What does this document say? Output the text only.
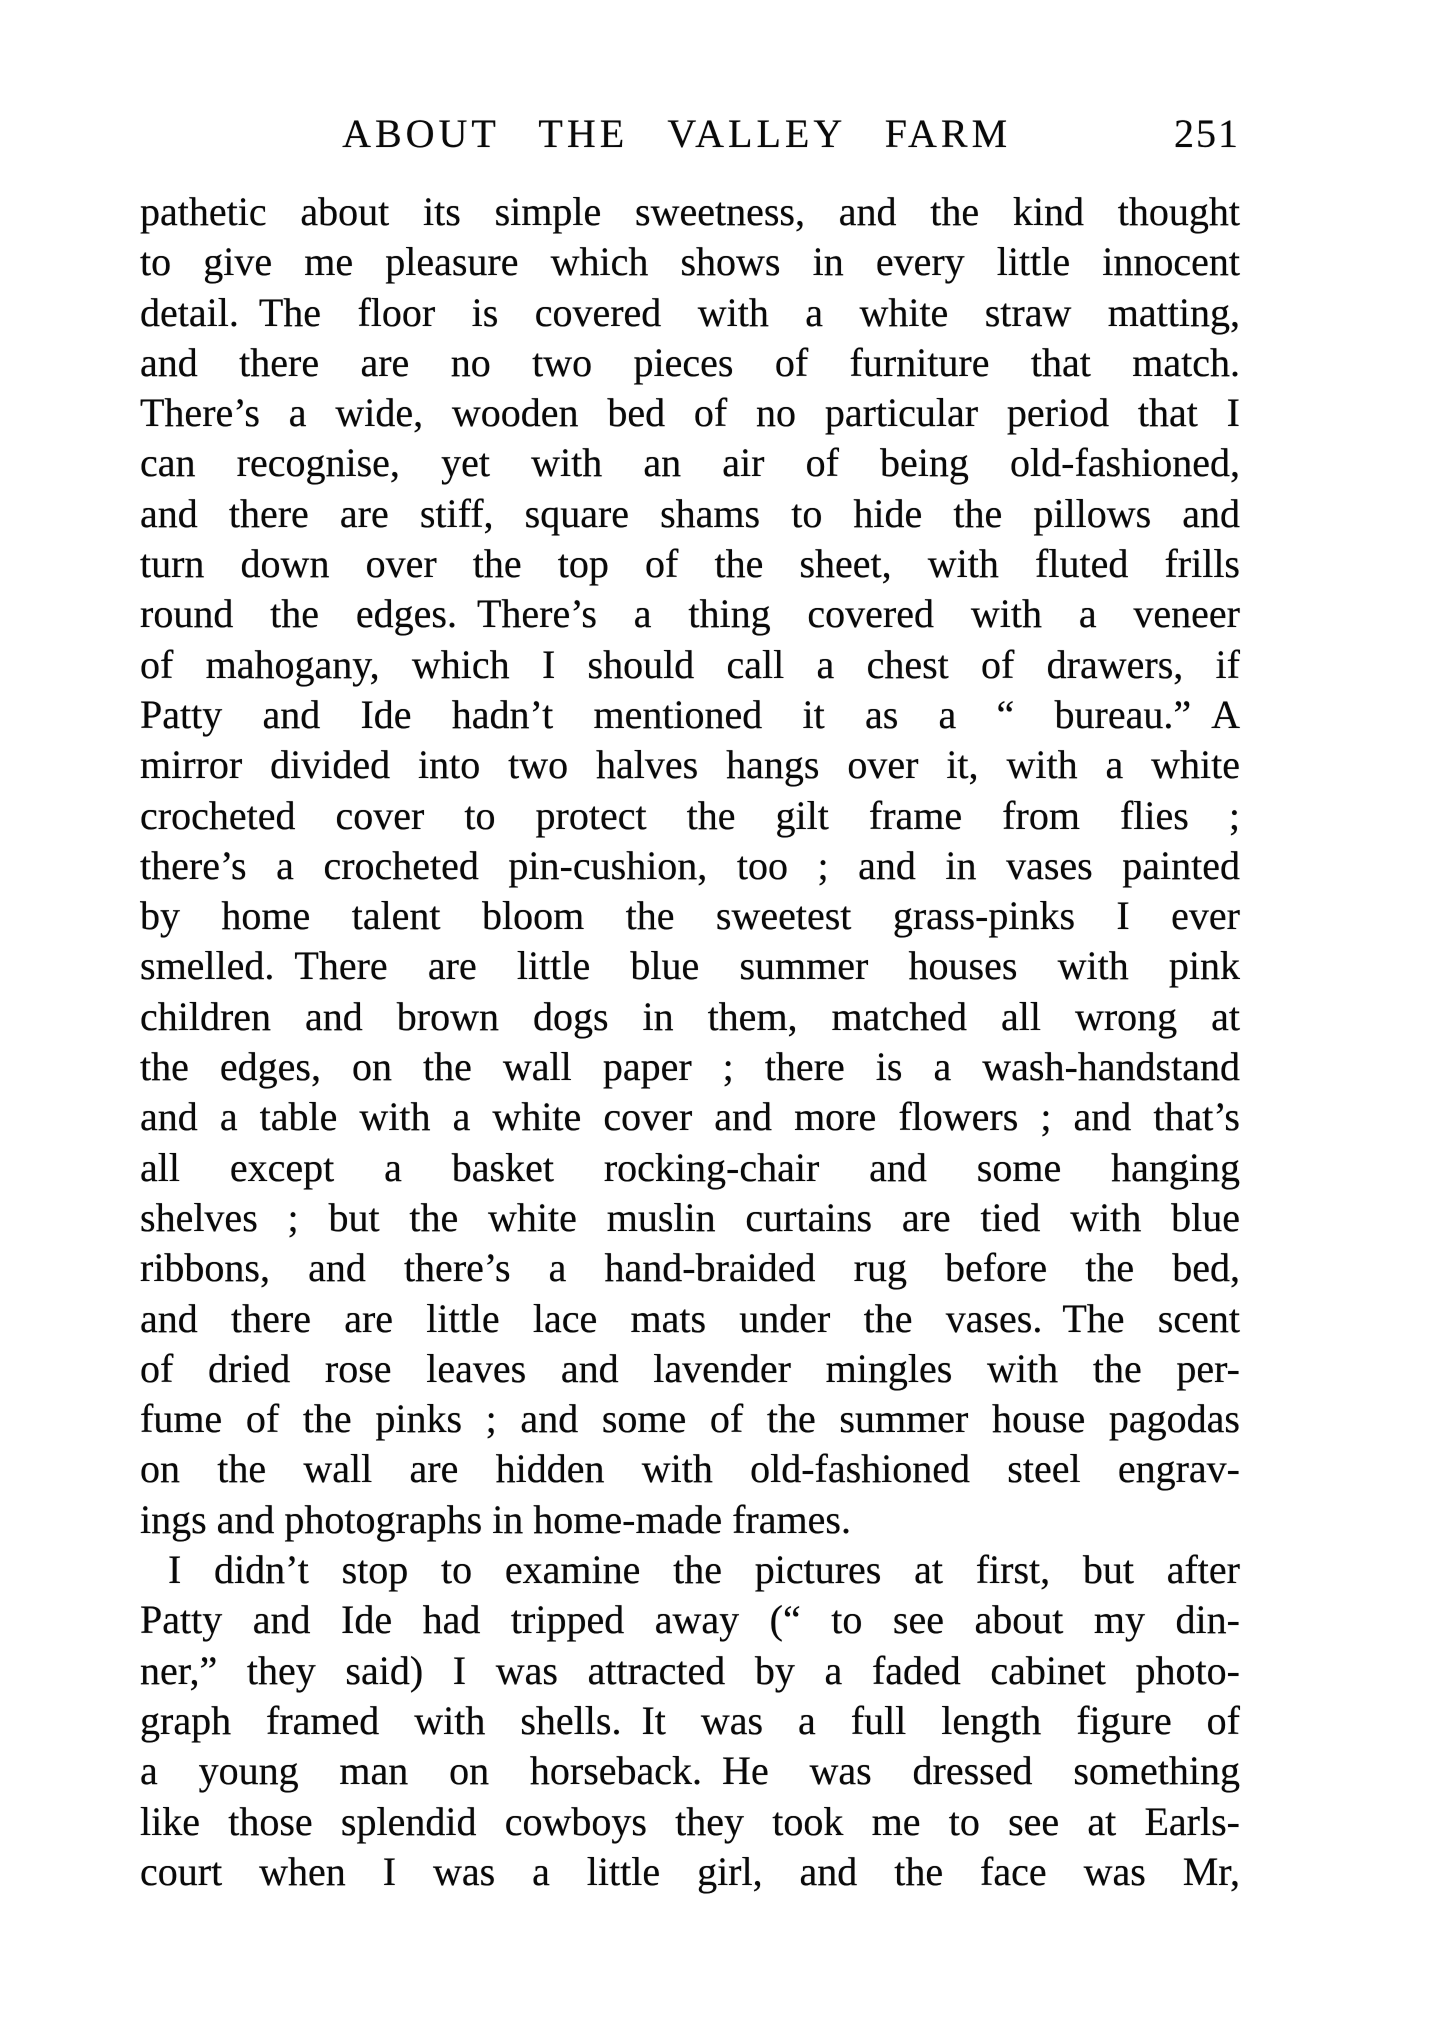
ABOUT THE VALLEY FARM	251
pathetic about its simple sweetness, and the kind thought
to give me pleasure which shows in every little innocent
detail. The floor is covered with a white straw matting,
and there are no two pieces of furniture that match.
There’s a wide, wooden bed of no particular period that I
can recognise, yet with an air of being old-fashioned,
and there are stiff, square shams to hide the pillows and
turn down over the top of the sheet, with fluted frills
round the edges. There’s a thing covered with a veneer
of mahogany, which I should call a chest of drawers, if
Patty and Ide hadn’t mentioned it as a “ bureau.” A
mirror divided into two halves hangs over it, with a white
crocheted cover to protect the gilt frame from flies ;
there’s a crocheted pin-cushion, too ; and in vases painted
by home talent bloom the sweetest grass-pinks I ever
smelled. There are little blue summer houses with pink
children and brown dogs in them, matched all wrong at
the edges, on the wall paper ; there is a wash-handstand
and a table with a white cover and more flowers ; and that’s
all except a basket rocking-chair and some hanging
shelves ; but the white muslin curtains are tied with blue
ribbons, and there’s a hand-braided rug before the bed,
and there are little lace mats under the vases. The scent
of dried rose leaves and lavender mingles with the per-
fume of the pinks ; and some of the summer house pagodas
on the wall are hidden with old-fashioned steel engrav-
ings and photographs in home-made frames.
I didn’t stop to examine the pictures at first, but after
Patty and Ide had tripped away (“ to see about my din-
ner,” they said) I was attracted by a faded cabinet photo-
graph framed with shells. It was a full length figure of
a young man on horseback. He was dressed something
like those splendid cowboys they took me to see at Earls-
court when I was a little girl, and the face was Mr,
